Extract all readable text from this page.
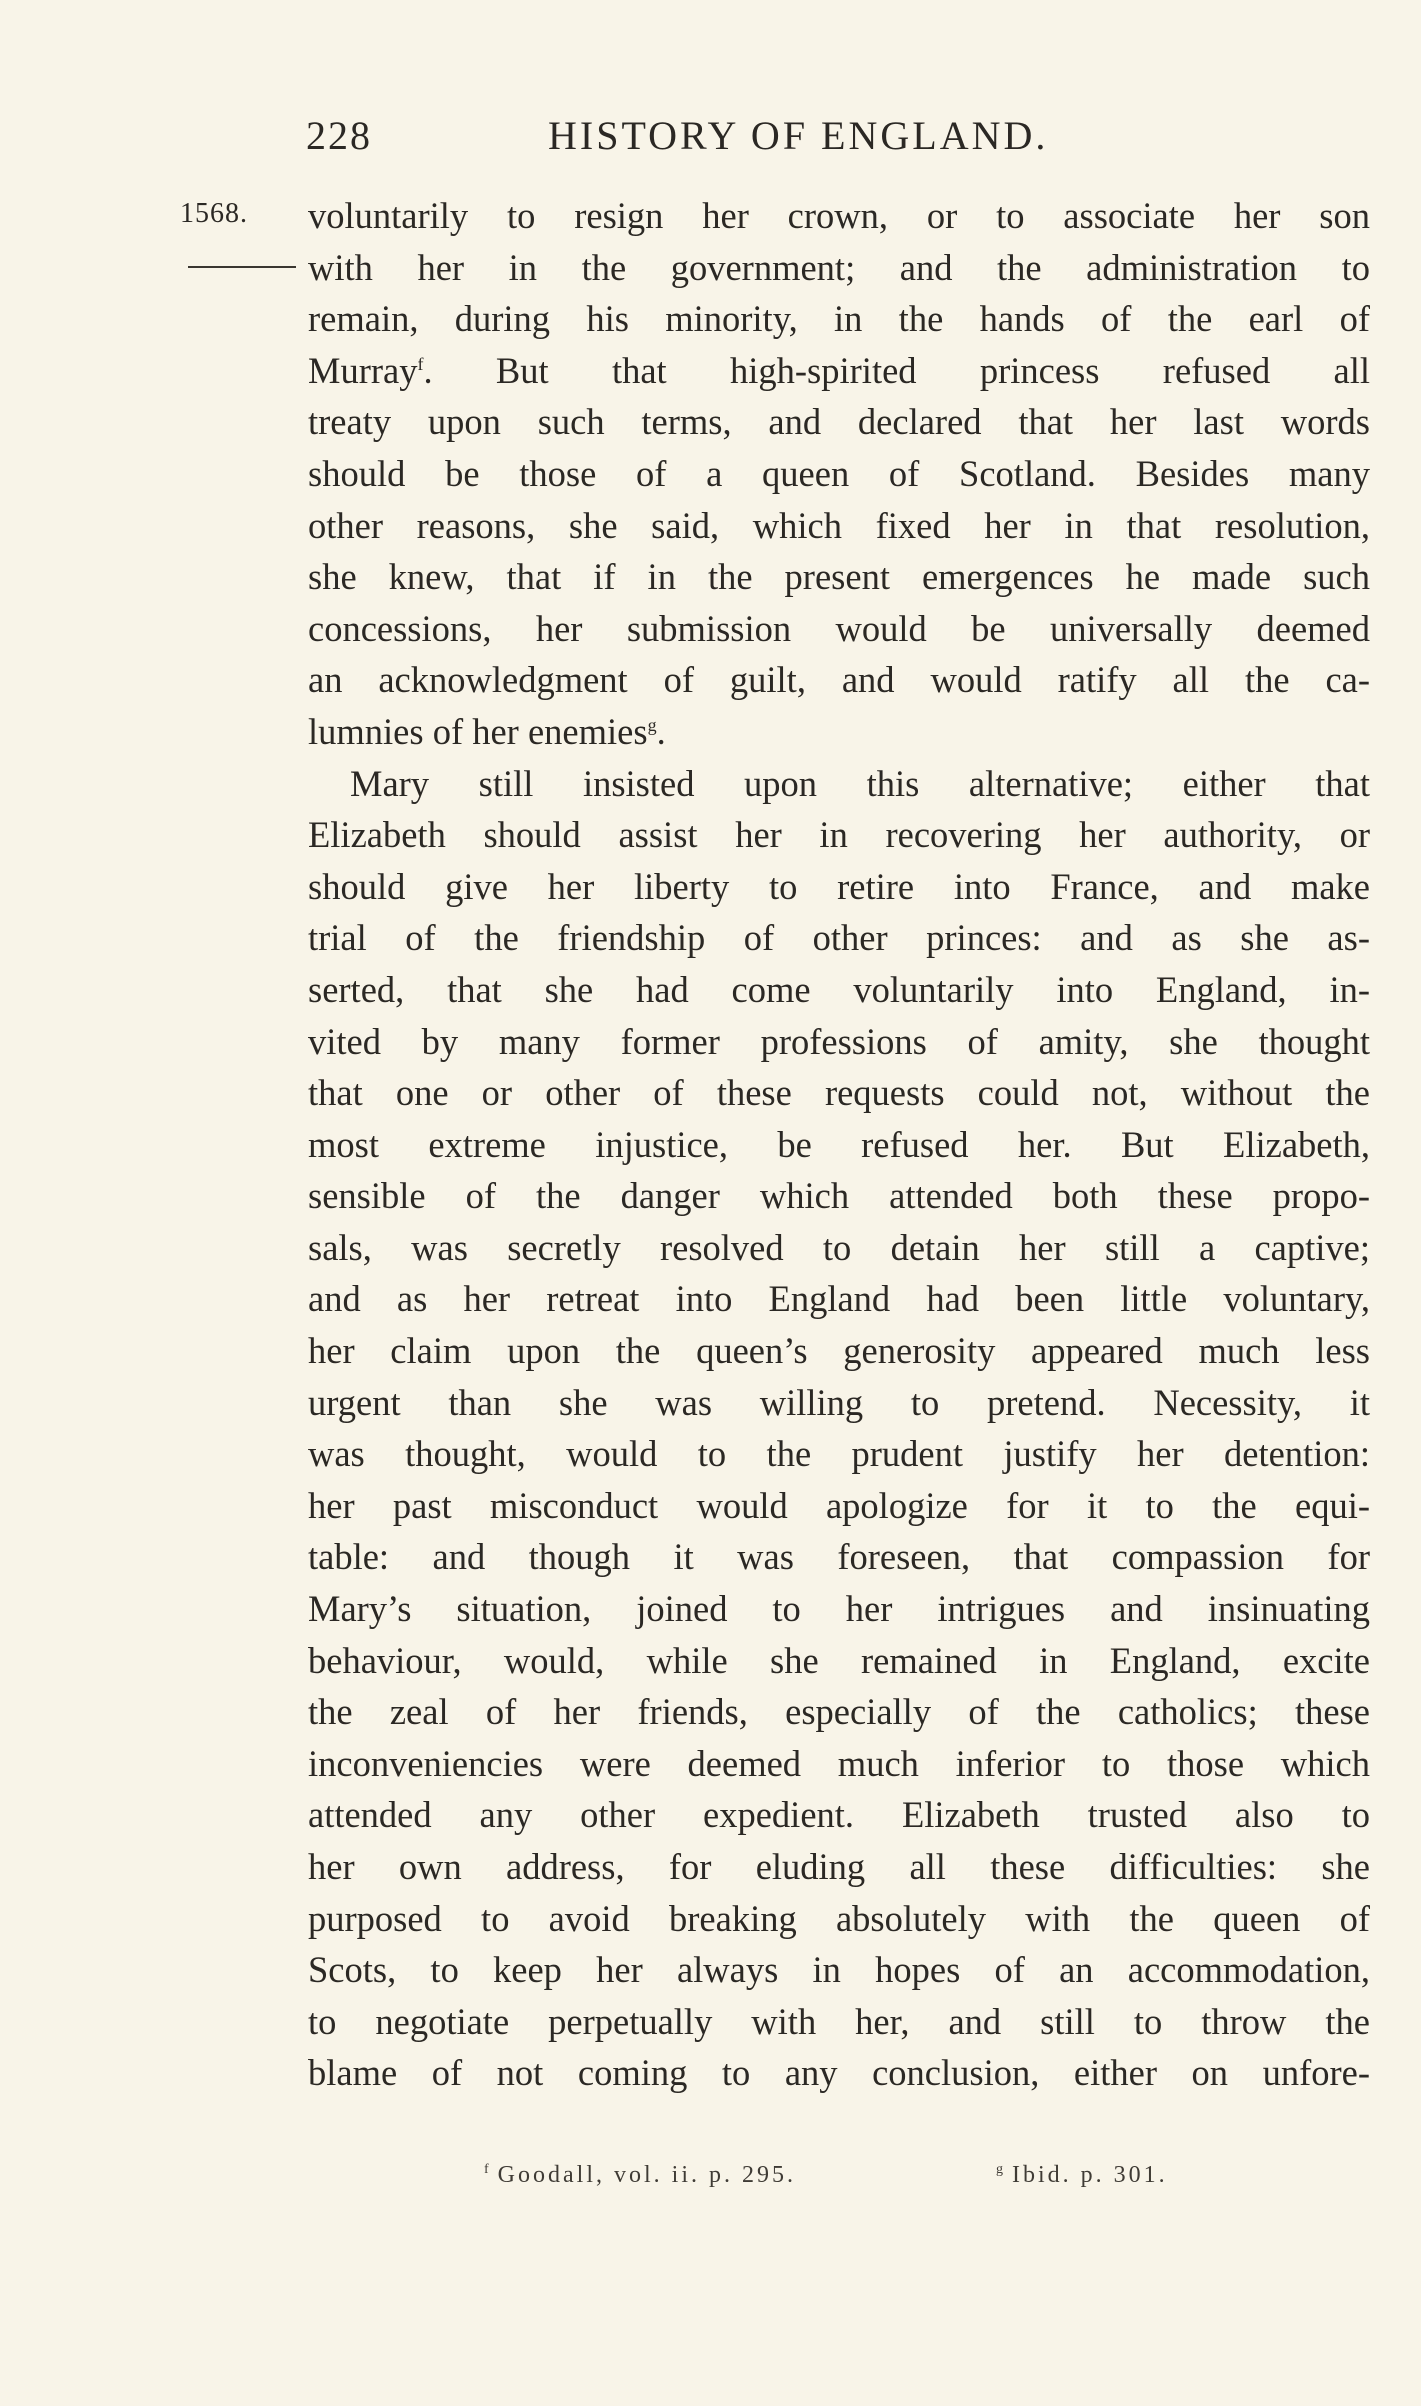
228	HISTORY OF ENGLAND.
1568. voluntarily to resign her crown, or to associate her son
with her in the government; and the administration to
remain, during his minority, in the hands of the earl of
Murray$^f$. But that high-spirited princess refused all
treaty upon such terms, and declared that her last words
should be those of a queen of Scotland. Besides many
other reasons, she said, which fixed her in that resolution,
she knew, that if in the present emergences he made such
concessions, her submission would be universally deemed
an acknowledgment of guilt, and would ratify all the ca-
lumnies of her enemies$^g$.
Mary still insisted upon this alternative; either that
Elizabeth should assist her in recovering her authority, or
should give her liberty to retire into France, and make
trial of the friendship of other princes: and as she as-
serted, that she had come voluntarily into England, in-
vited by many former professions of amity, she thought
that one or other of these requests could not, without the
most extreme injustice, be refused her. But Elizabeth,
sensible of the danger which attended both these propo-
sals, was secretly resolved to detain her still a captive;
and as her retreat into England had been little voluntary,
her claim upon the queen’s generosity appeared much less
urgent than she was willing to pretend. Necessity, it
was thought, would to the prudent justify her detention:
her past misconduct would apologize for it to the equi-
table: and though it was foreseen, that compassion for
Mary’s situation, joined to her intrigues and insinuating
behaviour, would, while she remained in England, excite
the zeal of her friends, especially of the catholics; these
inconveniencies were deemed much inferior to those which
attended any other expedient. Elizabeth trusted also to
her own address, for eluding all these difficulties: she
purposed to avoid breaking absolutely with the queen of
Scots, to keep her always in hopes of an accommodation,
to negotiate perpetually with her, and still to throw the
blame of not coming to any conclusion, either on unfore-
$^f$ Goodall, vol. ii. p. 295.	$^g$ Ibid. p. 301.
